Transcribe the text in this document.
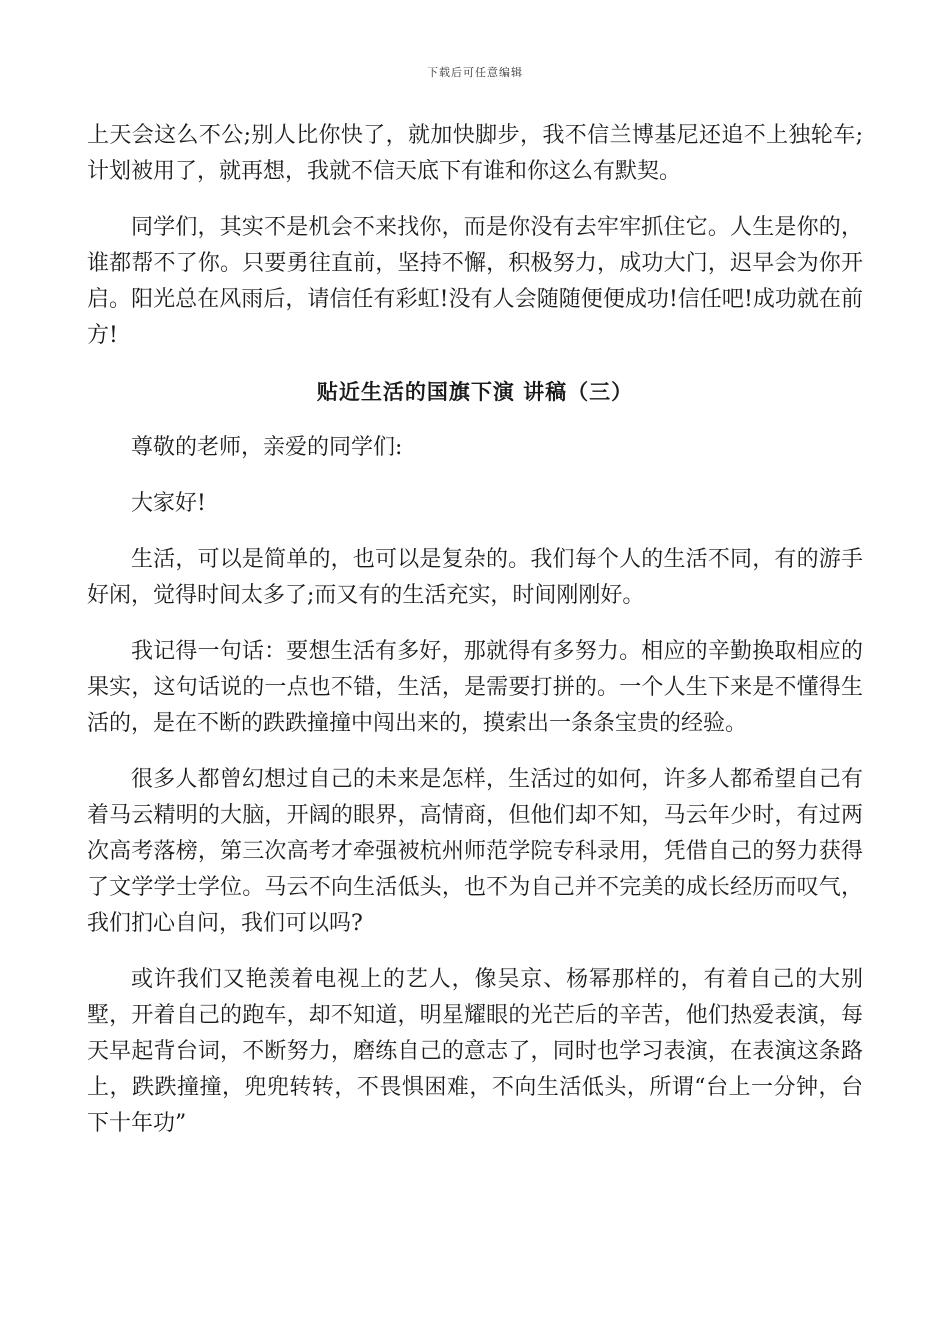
下载后可任意编辑

上天会这么不公;别人比你快了，就加快脚步，我不信兰博基尼还追不上独轮车;计划被用了，就再想，我就不信天底下有谁和你这么有默契。

同学们，其实不是机会不来找你，而是你没有去牢牢抓住它。人生是你的，谁都帮不了你。只要勇往直前，坚持不懈，积极努力，成功大门，迟早会为你开启。阳光总在风雨后，请信任有彩虹!没有人会随随便便成功!信任吧!成功就在前方!

贴近生活的国旗下演 讲稿（三）

尊敬的老师，亲爱的同学们:

大家好!

生活，可以是简单的，也可以是复杂的。我们每个人的生活不同，有的游手好闲，觉得时间太多了;而又有的生活充实，时间刚刚好。

我记得一句话：要想生活有多好，那就得有多努力。相应的辛勤换取相应的果实，这句话说的一点也不错，生活，是需要打拼的。一个人生下来是不懂得生活的，是在不断的跌跌撞撞中闯出来的，摸索出一条条宝贵的经验。

很多人都曾幻想过自己的未来是怎样，生活过的如何，许多人都希望自己有着马云精明的大脑，开阔的眼界，高情商，但他们却不知，马云年少时，有过两次高考落榜，第三次高考才牵强被杭州师范学院专科录用，凭借自己的努力获得了文学学士学位。马云不向生活低头，也不为自己并不完美的成长经历而叹气，我们扪心自问，我们可以吗?

或许我们又艳羡着电视上的艺人，像吴京、杨幂那样的，有着自己的大别墅，开着自己的跑车，却不知道，明星耀眼的光芒后的辛苦，他们热爱表演，每天早起背台词，不断努力，磨练自己的意志了，同时也学习表演，在表演这条路上，跌跌撞撞，兜兜转转，不畏惧困难，不向生活低头，所谓“台上一分钟，台下十年功”
